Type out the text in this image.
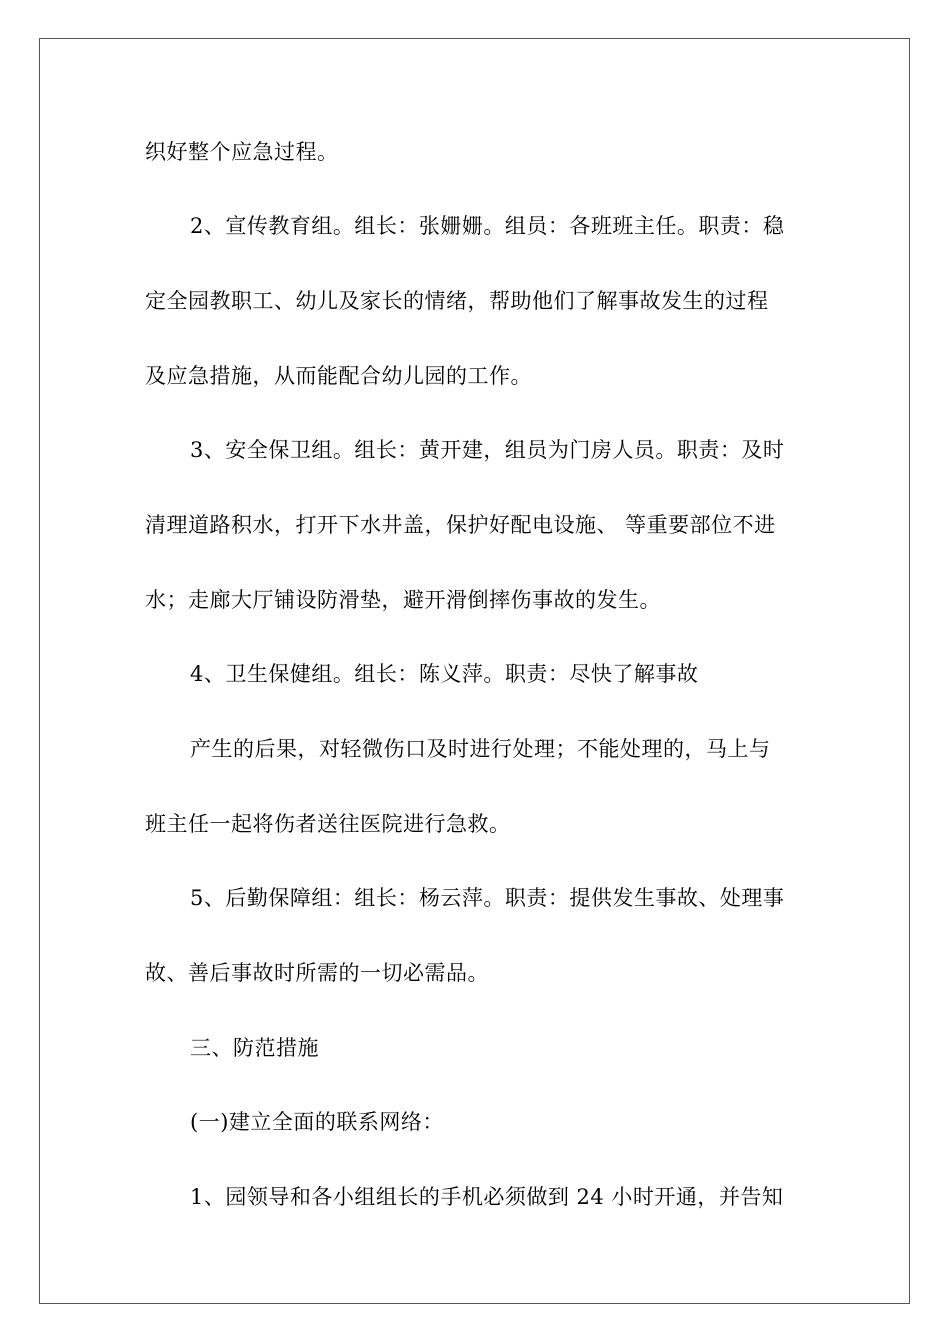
织好整个应急过程。
2、宣传教育组。组长：张姗姗。组员：各班班主任。职责：稳
定全园教职工、幼儿及家长的情绪，帮助他们了解事故发生的过程
及应急措施，从而能配合幼儿园的工作。
3、安全保卫组。组长：黄开建，组员为门房人员。职责：及时
清理道路积水，打开下水井盖，保护好配电设施、 等重要部位不进
水；走廊大厅铺设防滑垫，避开滑倒摔伤事故的发生。
4、卫生保健组。组长：陈义萍。职责：尽快了解事故
产生的后果，对轻微伤口及时进行处理；不能处理的，马上与
班主任一起将伤者送往医院进行急救。
5、后勤保障组：组长：杨云萍。职责：提供发生事故、处理事
故、善后事故时所需的一切必需品。
三、防范措施
(一)建立全面的联系网络：
1、园领导和各小组组长的手机必须做到 24 小时开通，并告知
